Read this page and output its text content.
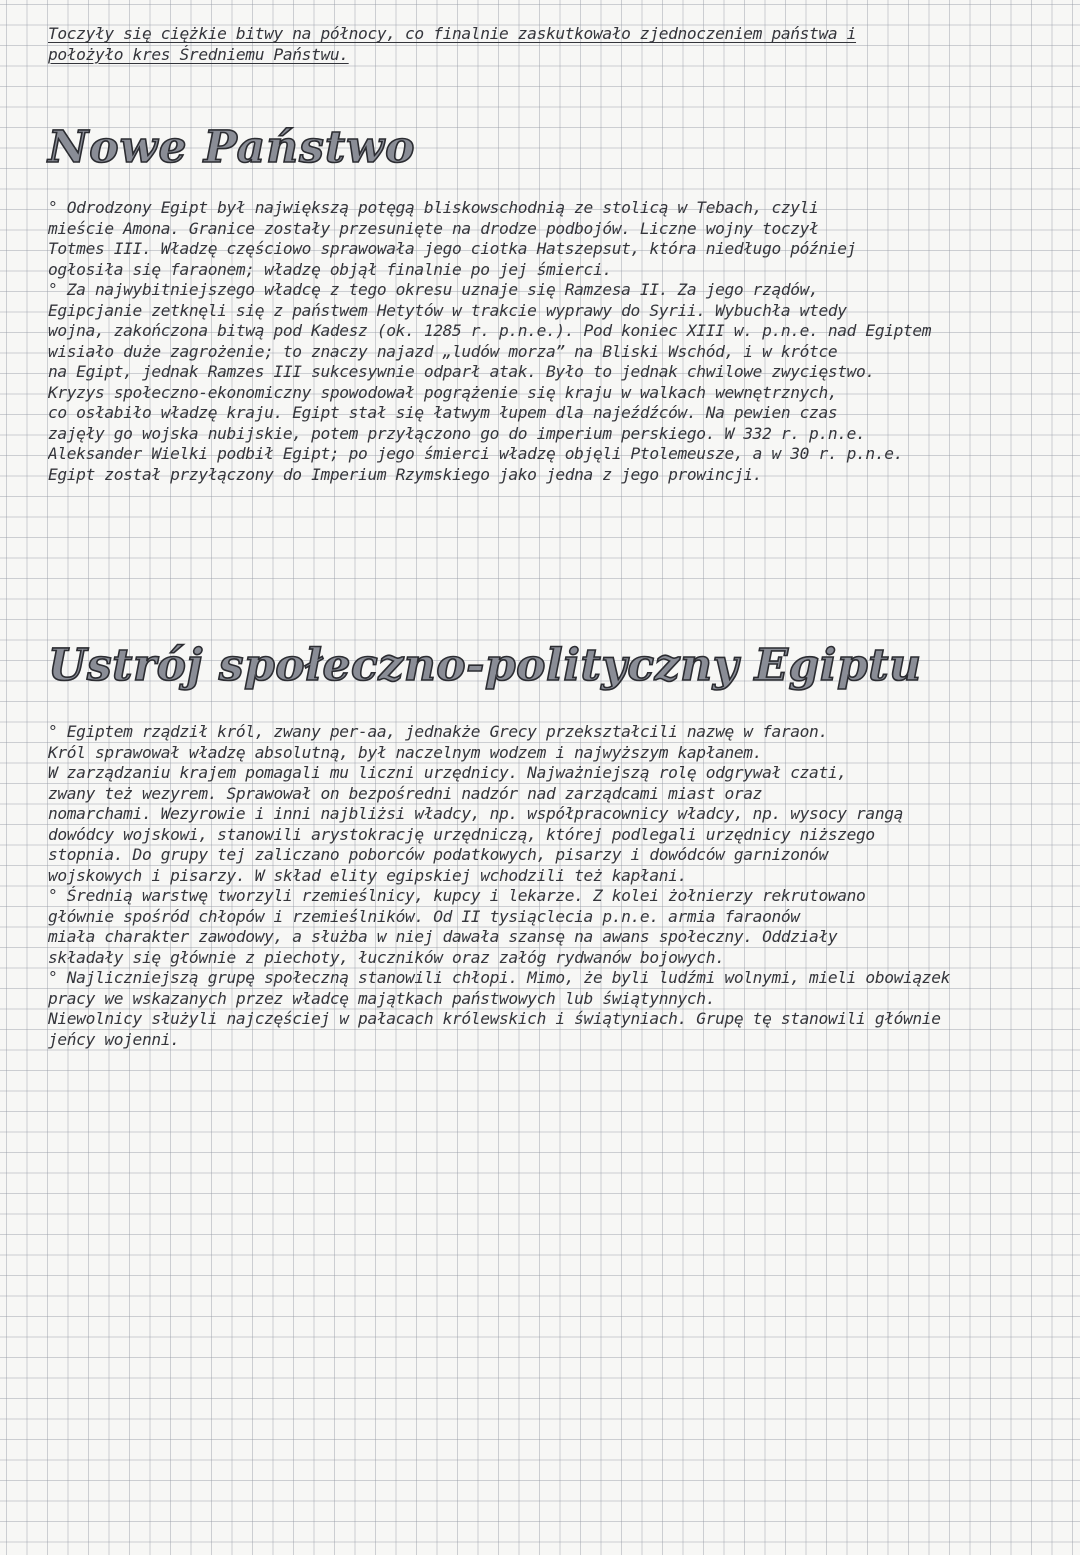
Toczyły się ciężkie bitwy na północy, co finalnie zaskutkowało zjednoczeniem państwa i
położyło kres Średniemu Państwu.
Nowe Państwo
° Odrodzony Egipt był największą potęgą bliskowschodnią ze stolicą w Tebach, czyli
mieście Amona. Granice zostały przesunięte na drodze podbojów. Liczne wojny toczył
Totmes III. Władzę częściowo sprawowała jego ciotka Hatszepsut, która niedługo później
ogłosiła się faraonem; władzę objął finalnie po jej śmierci.
° Za najwybitniejszego władcę z tego okresu uznaje się Ramzesa II. Za jego rządów,
Egipcjanie zetknęli się z państwem Hetytów w trakcie wyprawy do Syrii. Wybuchła wtedy
wojna, zakończona bitwą pod Kadesz (ok. 1285 r. p.n.e.). Pod koniec XIII w. p.n.e. nad Egiptem
wisiało duże zagrożenie; to znaczy najazd „ludów morza” na Bliski Wschód, i w krótce
na Egipt, jednak Ramzes III sukcesywnie odparł atak. Było to jednak chwilowe zwycięstwo.
Kryzys społeczno-ekonomiczny spowodował pogrążenie się kraju w walkach wewnętrznych,
co osłabiło władzę kraju. Egipt stał się łatwym łupem dla najeźdźców. Na pewien czas
zajęły go wojska nubijskie, potem przyłączono go do imperium perskiego. W 332 r. p.n.e.
Aleksander Wielki podbił Egipt; po jego śmierci władzę objęli Ptolemeusze, a w 30 r. p.n.e.
Egipt został przyłączony do Imperium Rzymskiego jako jedna z jego prowincji.
Ustrój społeczno-polityczny Egiptu
° Egiptem rządził król, zwany per-aa, jednakże Grecy przekształcili nazwę w faraon.
Król sprawował władzę absolutną, był naczelnym wodzem i najwyższym kapłanem.
W zarządzaniu krajem pomagali mu liczni urzędnicy. Najważniejszą rolę odgrywał czati,
zwany też wezyrem. Sprawował on bezpośredni nadzór nad zarządcami miast oraz
nomarchami. Wezyrowie i inni najbliżsi władcy, np. współpracownicy władcy, np. wysocy rangą
dowódcy wojskowi, stanowili arystokrację urzędniczą, której podlegali urzędnicy niższego
stopnia. Do grupy tej zaliczano poborców podatkowych, pisarzy i dowódców garnizonów
wojskowych i pisarzy. W skład elity egipskiej wchodzili też kapłani.
° Średnią warstwę tworzyli rzemieślnicy, kupcy i lekarze. Z kolei żołnierzy rekrutowano
głównie spośród chłopów i rzemieślników. Od II tysiąclecia p.n.e. armia faraonów
miała charakter zawodowy, a służba w niej dawała szansę na awans społeczny. Oddziały
składały się głównie z piechoty, łuczników oraz załóg rydwanów bojowych.
° Najliczniejszą grupę społeczną stanowili chłopi. Mimo, że byli ludźmi wolnymi, mieli obowiązek
pracy we wskazanych przez władcę majątkach państwowych lub świątynnych.
Niewolnicy służyli najczęściej w pałacach królewskich i świątyniach. Grupę tę stanowili głównie
jeńcy wojenni.
